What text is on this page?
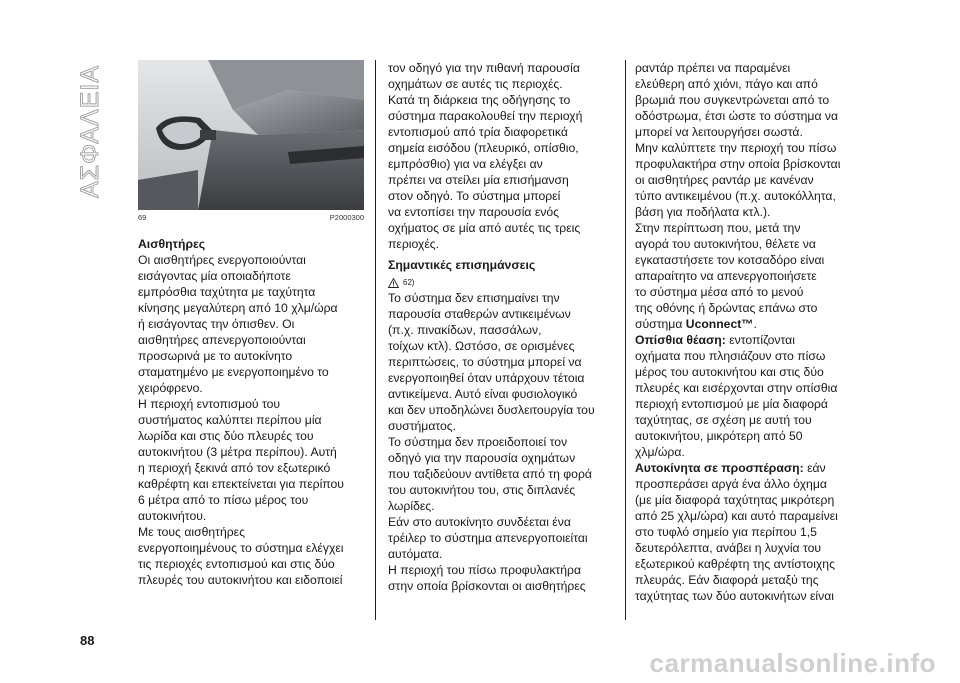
ΑΣΦΑΛΕΙΑ
69	P2000300

Αισθητήρες

Οι αισθητήρες ενεργοποιούνται

εισάγοντας μία οποιαδήποτε

εμπρόσθια ταχύτητα με ταχύτητα

κίνησης μεγαλύτερη από 10 χλμ/ώρα

ή εισάγοντας την όπισθεν. Οι

αισθητήρες απενεργοποιούνται

προσωρινά με το αυτοκίνητο

σταματημένο με ενεργοποιημένο το

χειρόφρενο.

Η περιοχή εντοπισμού του

συστήματος καλύπτει περίπου μία

λωρίδα και στις δύο πλευρές του

αυτοκινήτου (3 μέτρα περίπου). Αυτή

η περιοχή ξεκινά από τον εξωτερικό

καθρέφτη και επεκτείνεται για περίπου

6 μέτρα από το πίσω μέρος του

αυτοκινήτου.

Με τους αισθητήρες

ενεργοποιημένους το σύστημα ελέγχει

τις περιοχές εντοπισμού και στις δύο

πλευρές του αυτοκινήτου και ειδοποιεί

τον οδηγό για την πιθανή παρουσία

οχημάτων σε αυτές τις περιοχές.

Κατά τη διάρκεια της οδήγησης το

σύστημα παρακολουθεί την περιοχή

εντοπισμού από τρία διαφορετικά

σημεία εισόδου (πλευρικό, οπίσθιο,

εμπρόσθιο) για να ελέγξει αν

πρέπει να στείλει μία επισήμανση

στον οδηγό. Το σύστημα μπορεί

να εντοπίσει την παρουσία ενός

οχήματος σε μία από αυτές τις τρεις

περιοχές.

Σημαντικές επισημάνσεις

62)

Το σύστημα δεν επισημαίνει την

παρουσία σταθερών αντικειμένων

(π.χ. πινακίδων, πασσάλων,

τοίχων κτλ). Ωστόσο, σε ορισμένες

περιπτώσεις, το σύστημα μπορεί να

ενεργοποιηθεί όταν υπάρχουν τέτοια

αντικείμενα. Αυτό είναι φυσιολογικό

και δεν υποδηλώνει δυσλειτουργία του

συστήματος.

Το σύστημα δεν προειδοποιεί τον

οδηγό για την παρουσία οχημάτων

που ταξιδεύουν αντίθετα από τη φορά

του αυτοκινήτου του, στις διπλανές

λωρίδες.

Εάν στο αυτοκίνητο συνδέεται ένα

τρέιλερ το σύστημα απενεργοποιείται

αυτόματα.

Η περιοχή του πίσω προφυλακτήρα

στην οποία βρίσκονται οι αισθητήρες

ραντάρ πρέπει να παραμένει

ελεύθερη από χιόνι, πάγο και από

βρωμιά που συγκεντρώνεται από το

οδόστρωμα, έτσι ώστε το σύστημα να

μπορεί να λειτουργήσει σωστά.

Μην καλύπτετε την περιοχή του πίσω

προφυλακτήρα στην οποία βρίσκονται

οι αισθητήρες ραντάρ με κανέναν

τύπο αντικειμένου (π.χ. αυτοκόλλητα,

βάση για ποδήλατα κτλ.).

Στην περίπτωση που, μετά την

αγορά του αυτοκινήτου, θέλετε να

εγκαταστήσετε τον κοτσαδόρο είναι

απαραίτητο να απενεργοποιήσετε

το σύστημα μέσα από το μενού

της οθόνης ή δρώντας επάνω στο

σύστημα Uconnect™.

Οπίσθια θέαση: εντοπίζονται

οχήματα που πλησιάζουν στο πίσω

μέρος του αυτοκινήτου και στις δύο

πλευρές και εισέρχονται στην οπίσθια

περιοχή εντοπισμού με μία διαφορά

ταχύτητας, σε σχέση με αυτή του

αυτοκινήτου, μικρότερη από 50

χλμ/ώρα.

Αυτοκίνητα σε προσπέραση: εάν

προσπεράσει αργά ένα άλλο όχημα

(με μία διαφορά ταχύτητας μικρότερη

από 25 χλμ/ώρα) και αυτό παραμείνει

στο τυφλό σημείο για περίπου 1,5

δευτερόλεπτα, ανάβει η λυχνία του

εξωτερικού καθρέφτη της αντίστοιχης

πλευράς. Εάν διαφορά μεταξύ της

ταχύτητας των δύο αυτοκινήτων είναι

88
carmanualsonline.info
